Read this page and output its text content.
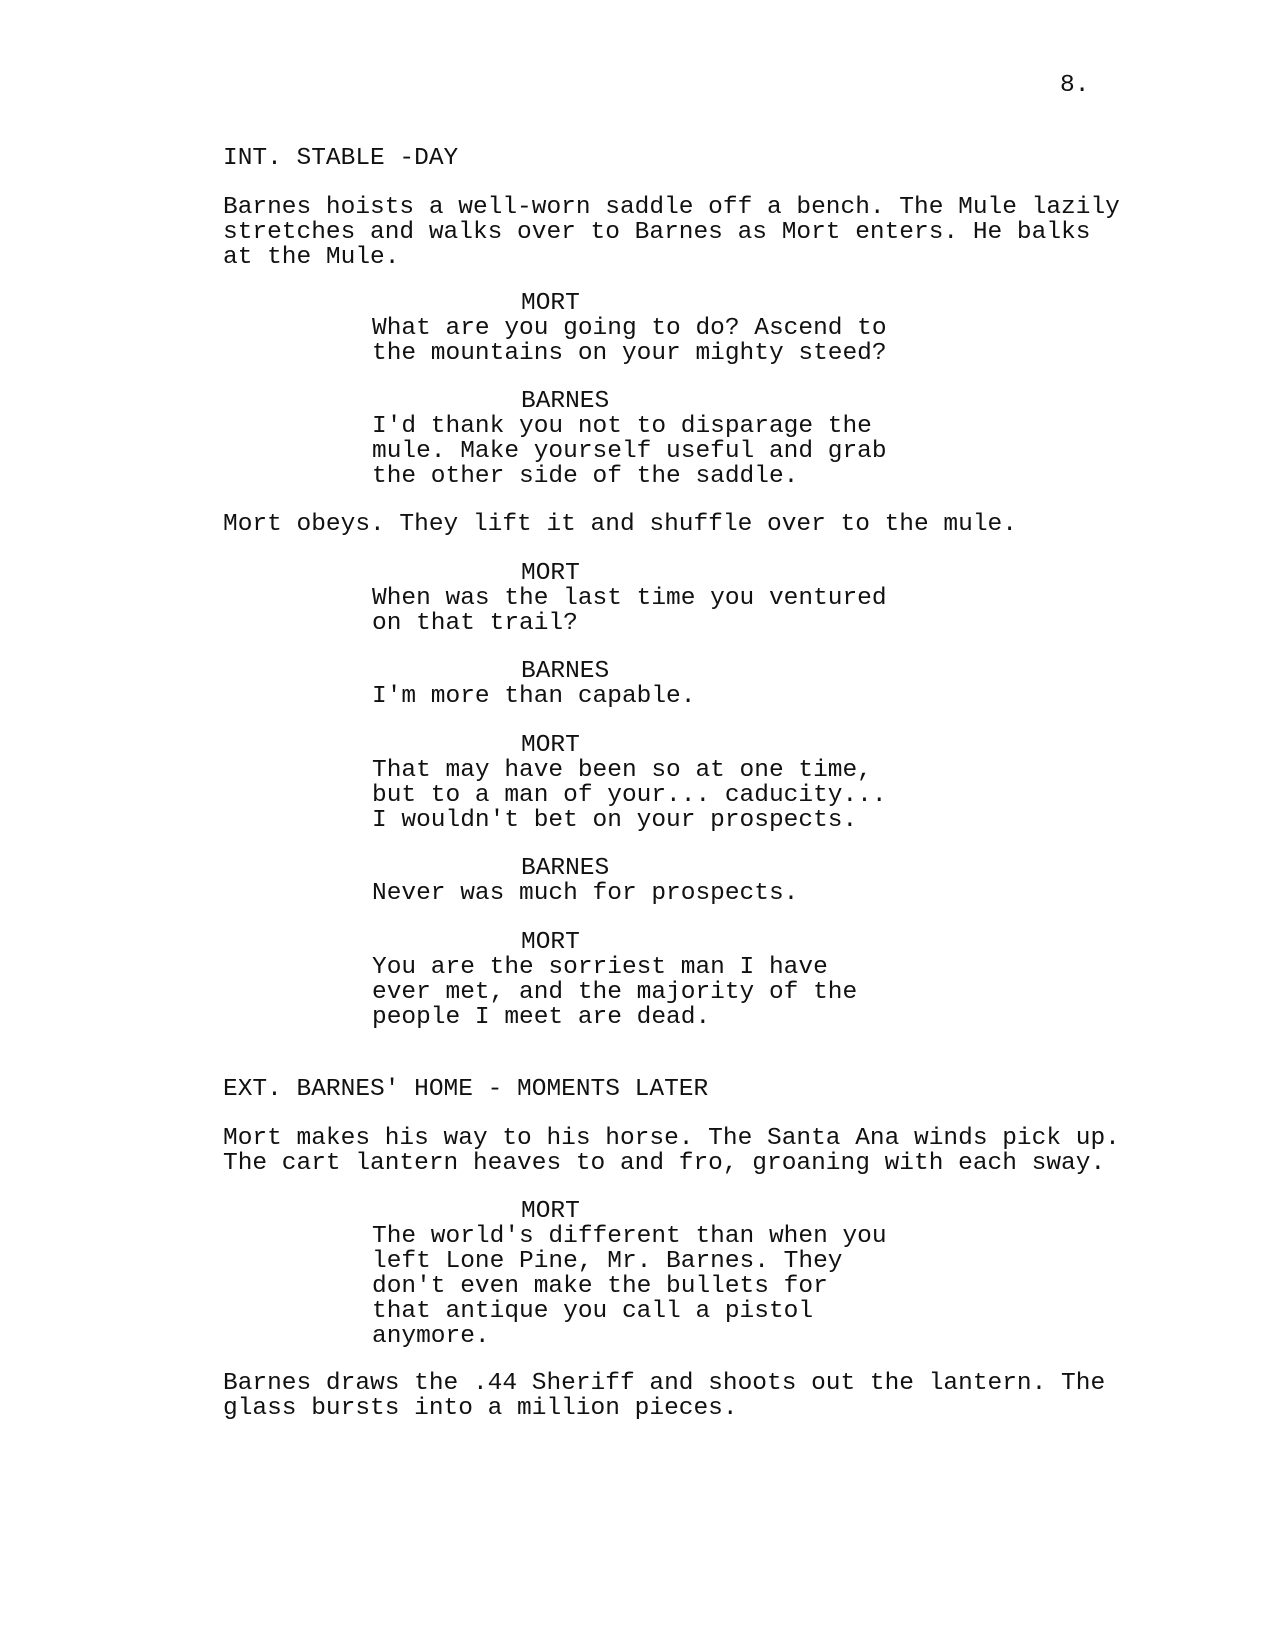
8.
INT. STABLE -DAY
Barnes hoists a well-worn saddle off a bench. The Mule lazily
stretches and walks over to Barnes as Mort enters. He balks
at the Mule.
MORT
What are you going to do? Ascend to
the mountains on your mighty steed?
BARNES
I'd thank you not to disparage the
mule. Make yourself useful and grab
the other side of the saddle.
Mort obeys. They lift it and shuffle over to the mule.
MORT
When was the last time you ventured
on that trail?
BARNES
I'm more than capable.
MORT
That may have been so at one time,
but to a man of your... caducity...
I wouldn't bet on your prospects.
BARNES
Never was much for prospects.
MORT
You are the sorriest man I have
ever met, and the majority of the
people I meet are dead.
EXT. BARNES' HOME - MOMENTS LATER
Mort makes his way to his horse. The Santa Ana winds pick up.
The cart lantern heaves to and fro, groaning with each sway.
MORT
The world's different than when you
left Lone Pine, Mr. Barnes. They
don't even make the bullets for
that antique you call a pistol
anymore.
Barnes draws the .44 Sheriff and shoots out the lantern. The
glass bursts into a million pieces.
